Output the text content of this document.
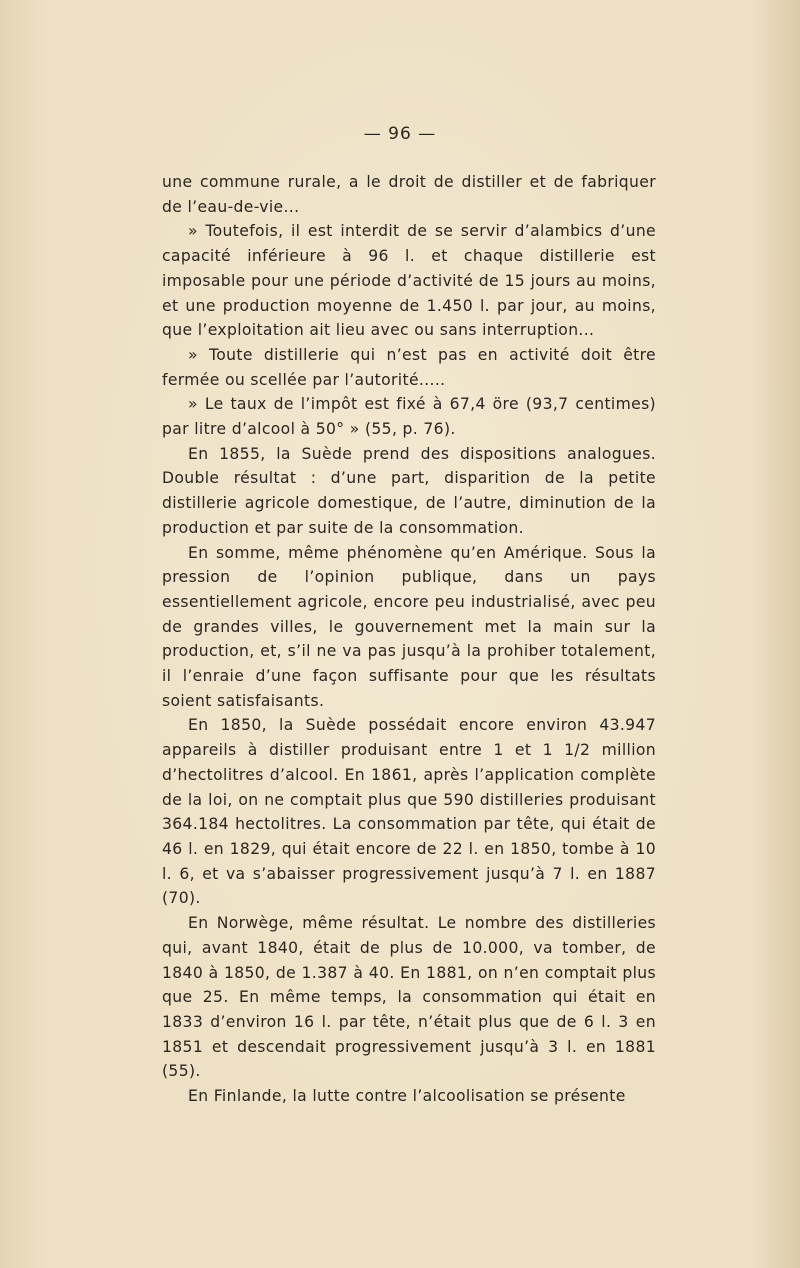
— 96 —

une commune rurale, a le droit de distiller et de fabriquer de l’eau-de-vie...

» Toutefois, il est interdit de se servir d’alambics d’une capacité inférieure à 96 l. et chaque distillerie est imposable pour une période d’activité de 15 jours au moins, et une production moyenne de 1.450 l. par jour, au moins, que l’exploitation ait lieu avec ou sans interruption...

» Toute distillerie qui n’est pas en activité doit être fermée ou scellée par l’autorité.....

» Le taux de l’impôt est fixé à 67,4 öre (93,7 centimes) par litre d’alcool à 50° » (55, p. 76).

En 1855, la Suède prend des dispositions analogues. Double résultat : d’une part, disparition de la petite distillerie agricole domestique, de l’autre, diminution de la production et par suite de la consommation.

En somme, même phénomène qu’en Amérique. Sous la pression de l’opinion publique, dans un pays essentiellement agricole, encore peu industrialisé, avec peu de grandes villes, le gouvernement met la main sur la production, et, s’il ne va pas jusqu’à la prohiber totalement, il l’enraie d’une façon suffisante pour que les résultats soient satisfaisants.

En 1850, la Suède possédait encore environ 43.947 appareils à distiller produisant entre 1 et 1 1/2 million d’hectolitres d’alcool. En 1861, après l’application complète de la loi, on ne comptait plus que 590 distilleries produisant 364.184 hectolitres. La consommation par tête, qui était de 46 l. en 1829, qui était encore de 22 l. en 1850, tombe à 10 l. 6, et va s’abaisser progressivement jusqu’à 7 l. en 1887 (70).

En Norwège, même résultat. Le nombre des distilleries qui, avant 1840, était de plus de 10.000, va tomber, de 1840 à 1850, de 1.387 à 40. En 1881, on n’en comptait plus que 25. En même temps, la consommation qui était en 1833 d’environ 16 l. par tête, n’était plus que de 6 l. 3 en 1851 et descendait progressivement jusqu’à 3 l. en 1881 (55).

En Finlande, la lutte contre l’alcoolisation se présente
